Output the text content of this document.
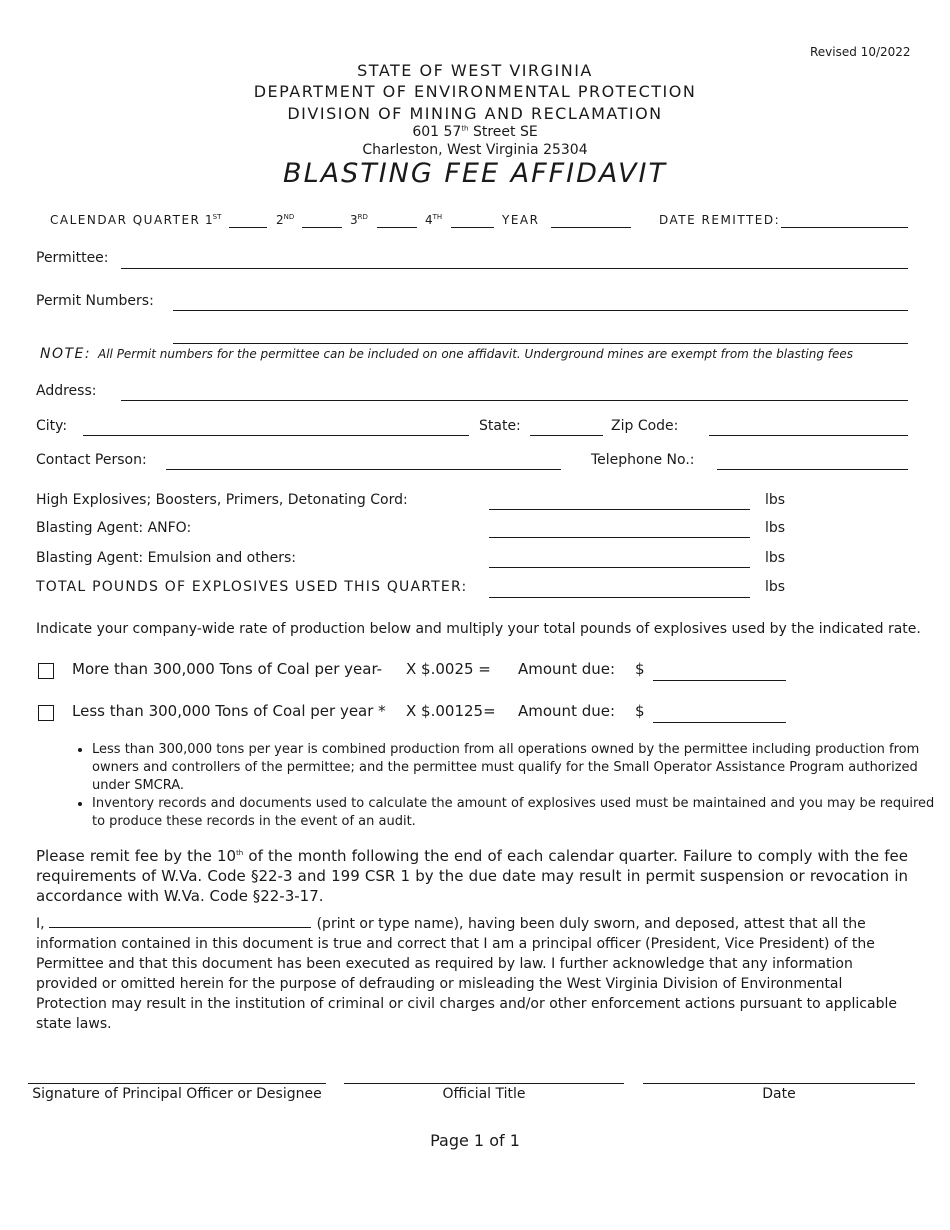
Revised 10/2022
STATE OF WEST VIRGINIA
DEPARTMENT OF ENVIRONMENTAL PROTECTION
DIVISION OF MINING AND RECLAMATION
601 57th Street SE
Charleston, West Virginia 25304
BLASTING FEE AFFIDAVIT
CALENDAR QUARTER 1ST	2ND	3RD	4TH	YEAR	DATE REMITTED:
Permittee:
Permit Numbers:
NOTE: All Permit numbers for the permittee can be included on one affidavit. Underground mines are exempt from the blasting fees
Address:
City:	State:	Zip Code:
Contact Person:	Telephone No.:
High Explosives; Boosters, Primers, Detonating Cord:	lbs
Blasting Agent: ANFO:	lbs
Blasting Agent: Emulsion and others:	lbs
TOTAL POUNDS OF EXPLOSIVES USED THIS QUARTER:	lbs
Indicate your company-wide rate of production below and multiply your total pounds of explosives used by the indicated rate.
More than 300,000 Tons of Coal per year- X $.0025 = Amount due: $
Less than 300,000 Tons of Coal per year * X $.00125= Amount due: $
• Less than 300,000 tons per year is combined production from all operations owned by the permittee including production from owners and controllers of the permittee; and the permittee must qualify for the Small Operator Assistance Program authorized under SMCRA.
• Inventory records and documents used to calculate the amount of explosives used must be maintained and you may be required to produce these records in the event of an audit.
Please remit fee by the 10th of the month following the end of each calendar quarter. Failure to comply with the fee requirements of W.Va. Code §22-3 and 199 CSR 1 by the due date may result in permit suspension or revocation in accordance with W.Va. Code §22-3-17.
I,	(print or type name), having been duly sworn, and deposed, attest that all the information contained in this document is true and correct that I am a principal officer (President, Vice President) of the Permittee and that this document has been executed as required by law. I further acknowledge that any information provided or omitted herein for the purpose of defrauding or misleading the West Virginia Division of Environmental Protection may result in the institution of criminal or civil charges and/or other enforcement actions pursuant to applicable state laws.
Signature of Principal Officer or Designee	Official Title	Date
Page 1 of 1
